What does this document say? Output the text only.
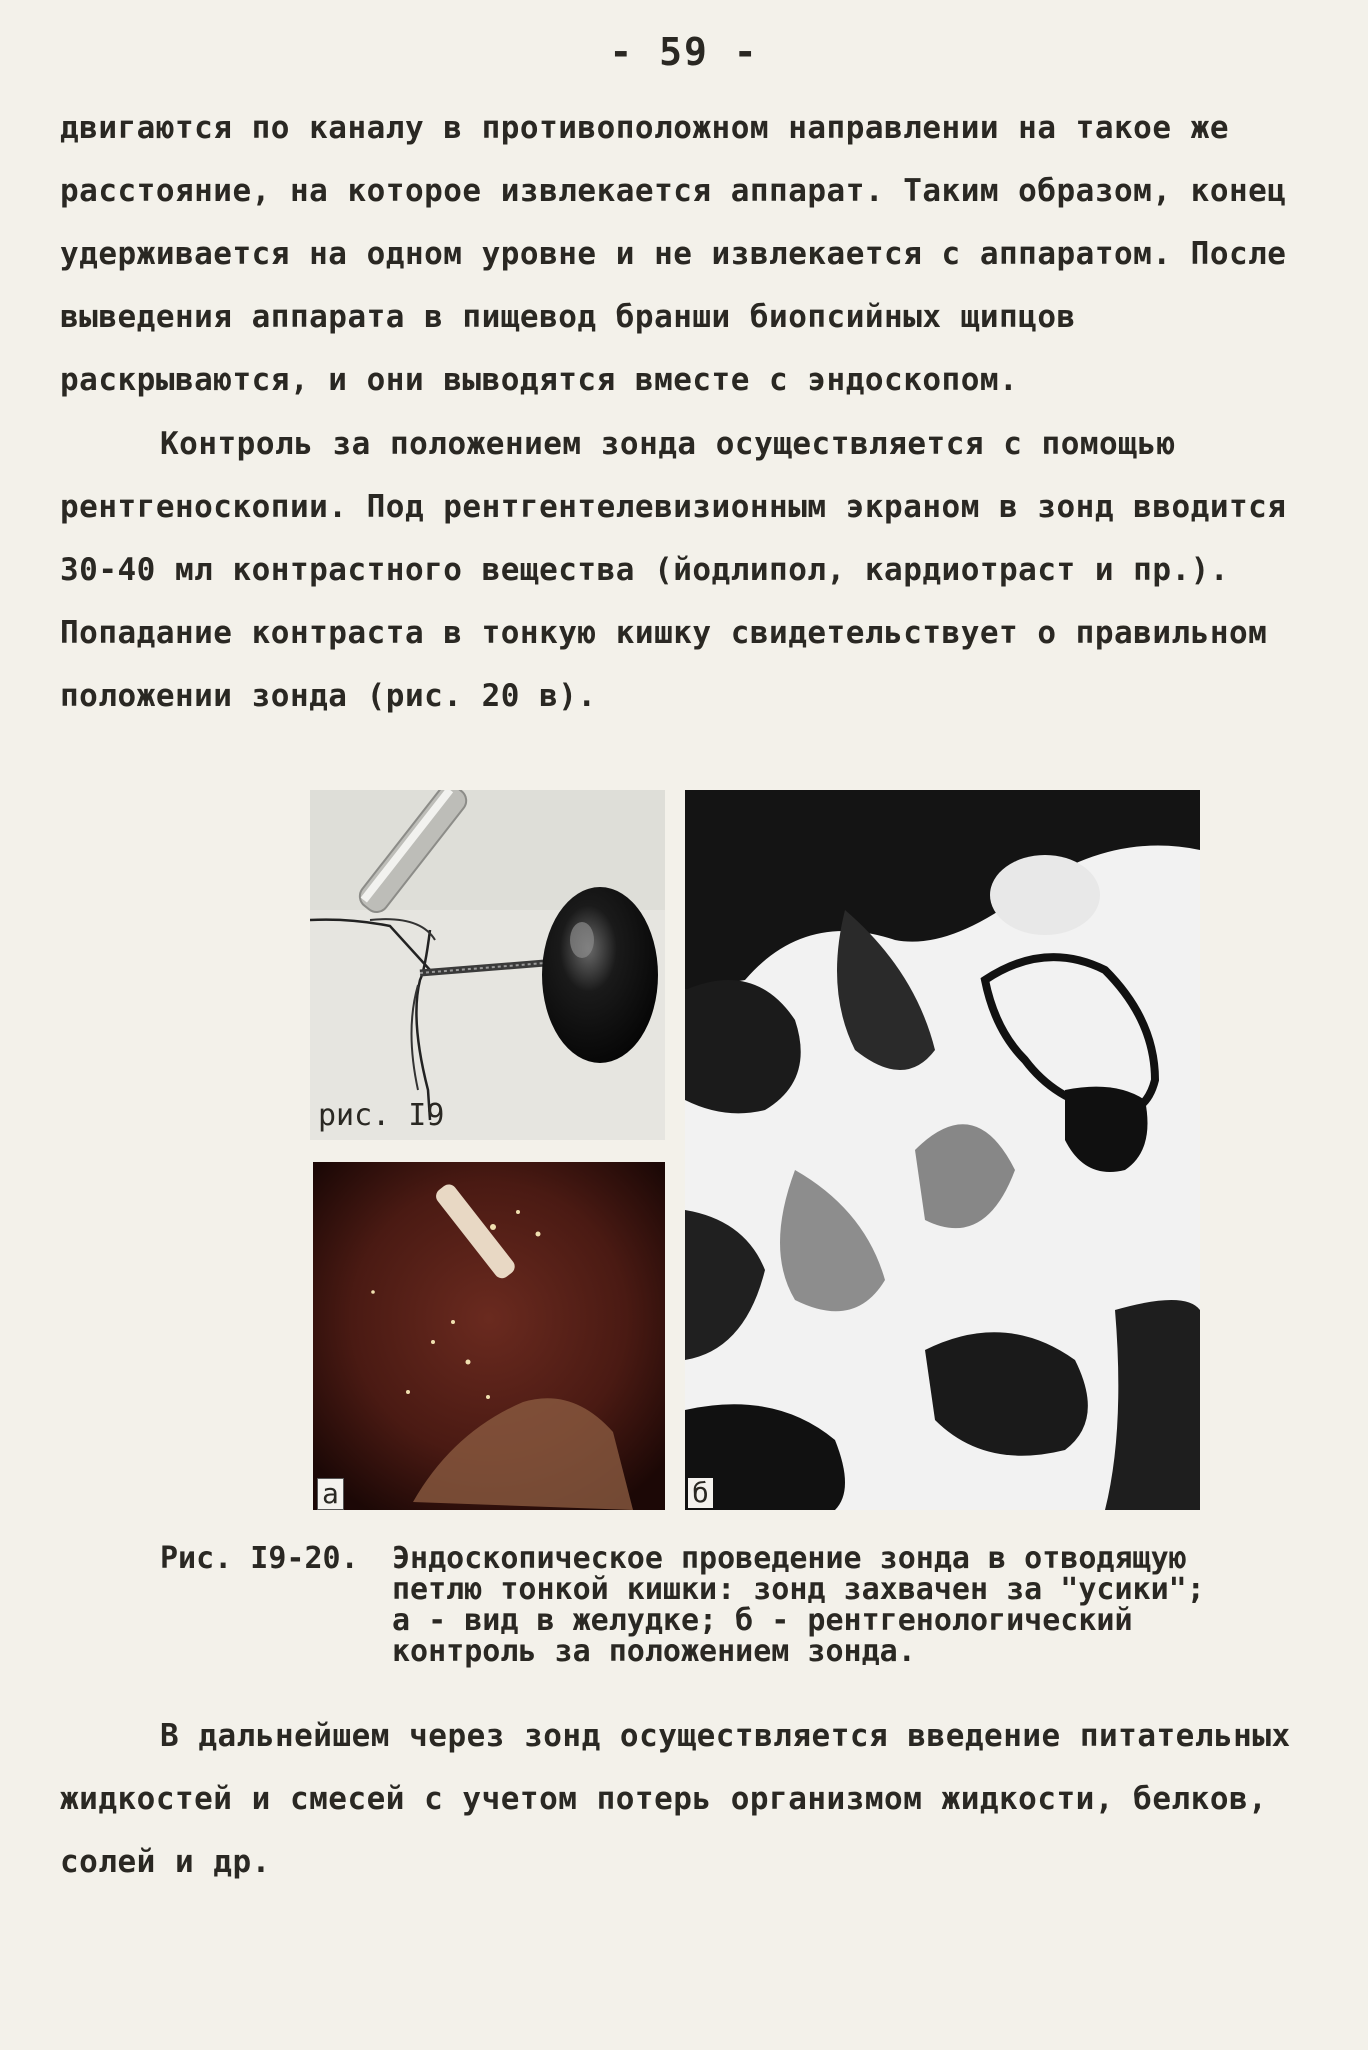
- 59 -

двигаются по каналу в противоположном направлении на такое же расстояние, на которое извлекается аппарат. Таким образом, конец удерживается на одном уровне и не извлекается с аппаратом. После выведения аппарата в пищевод бранши биопсийных щипцов раскрываются, и они выводятся вместе с эндоскопом.

Контроль за положением зонда осуществляется с помощью рентгеноскопии. Под рентгентелевизионным экраном в зонд вводится 30-40 мл контрастного вещества (йодлипол, кардиотраст и пр.). Попадание контраста в тонкую кишку свидетельствует о правильном положении зонда (рис. 20 в).

рис. I9
а	б
Рис. I9-20.	Эндоскопическое проведение зонда в отводящую
петлю тонкой кишки: зонд захвачен за "усики";
а - вид в желудке; б - рентгенологический
контроль за положением зонда.

В дальнейшем через зонд осуществляется введение питательных жидкостей и смесей с учетом потерь организмом жидкости, белков, солей и др.
